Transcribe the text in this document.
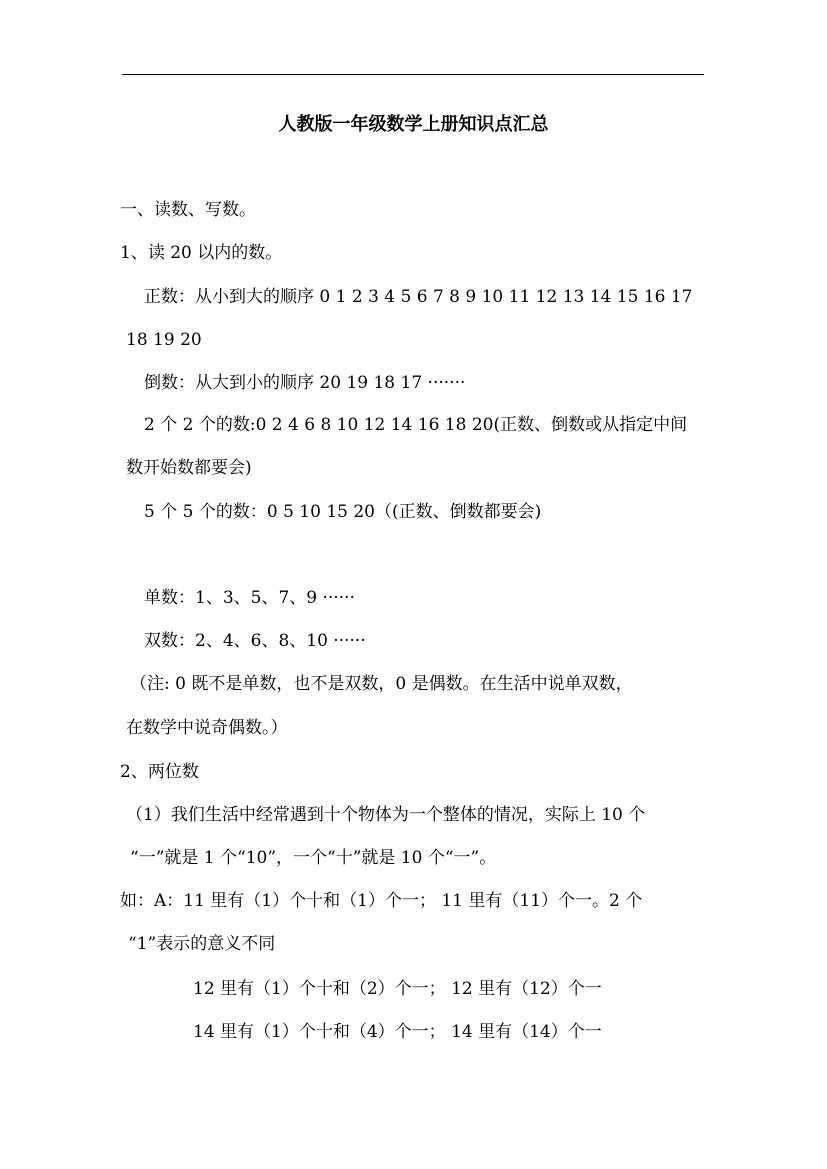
人教版一年级数学上册知识点汇总
一、读数、写数。
1、读 20 以内的数。
正数：从小到大的顺序 0 1 2 3 4 5 6 7 8 9 10 11 12 13 14 15 16 17
18 19 20
倒数：从大到小的顺序 20 19 18 17 ·······
2 个 2 个的数:0 2 4 6 8 10 12 14 16 18 20(正数、倒数或从指定中间
数开始数都要会)
5 个 5 个的数：0 5 10 15 20（(正数、倒数都要会)
单数：1、3、5、7、9 ······
双数：2、4、6、8、10 ······
（注: 0 既不是单数，也不是双数，0 是偶数。在生活中说单双数，
在数学中说奇偶数。）
2、两位数
（1）我们生活中经常遇到十个物体为一个整体的情况，实际上 10 个
“一”就是 1 个“10”，一个“十”就是 10 个“一”。
如：A：11 里有（1）个十和（1）个一； 11 里有（11）个一。2 个
“1”表示的意义不同
12 里有（1）个十和（2）个一； 12 里有（12）个一
14 里有（1）个十和（4）个一； 14 里有（14）个一
